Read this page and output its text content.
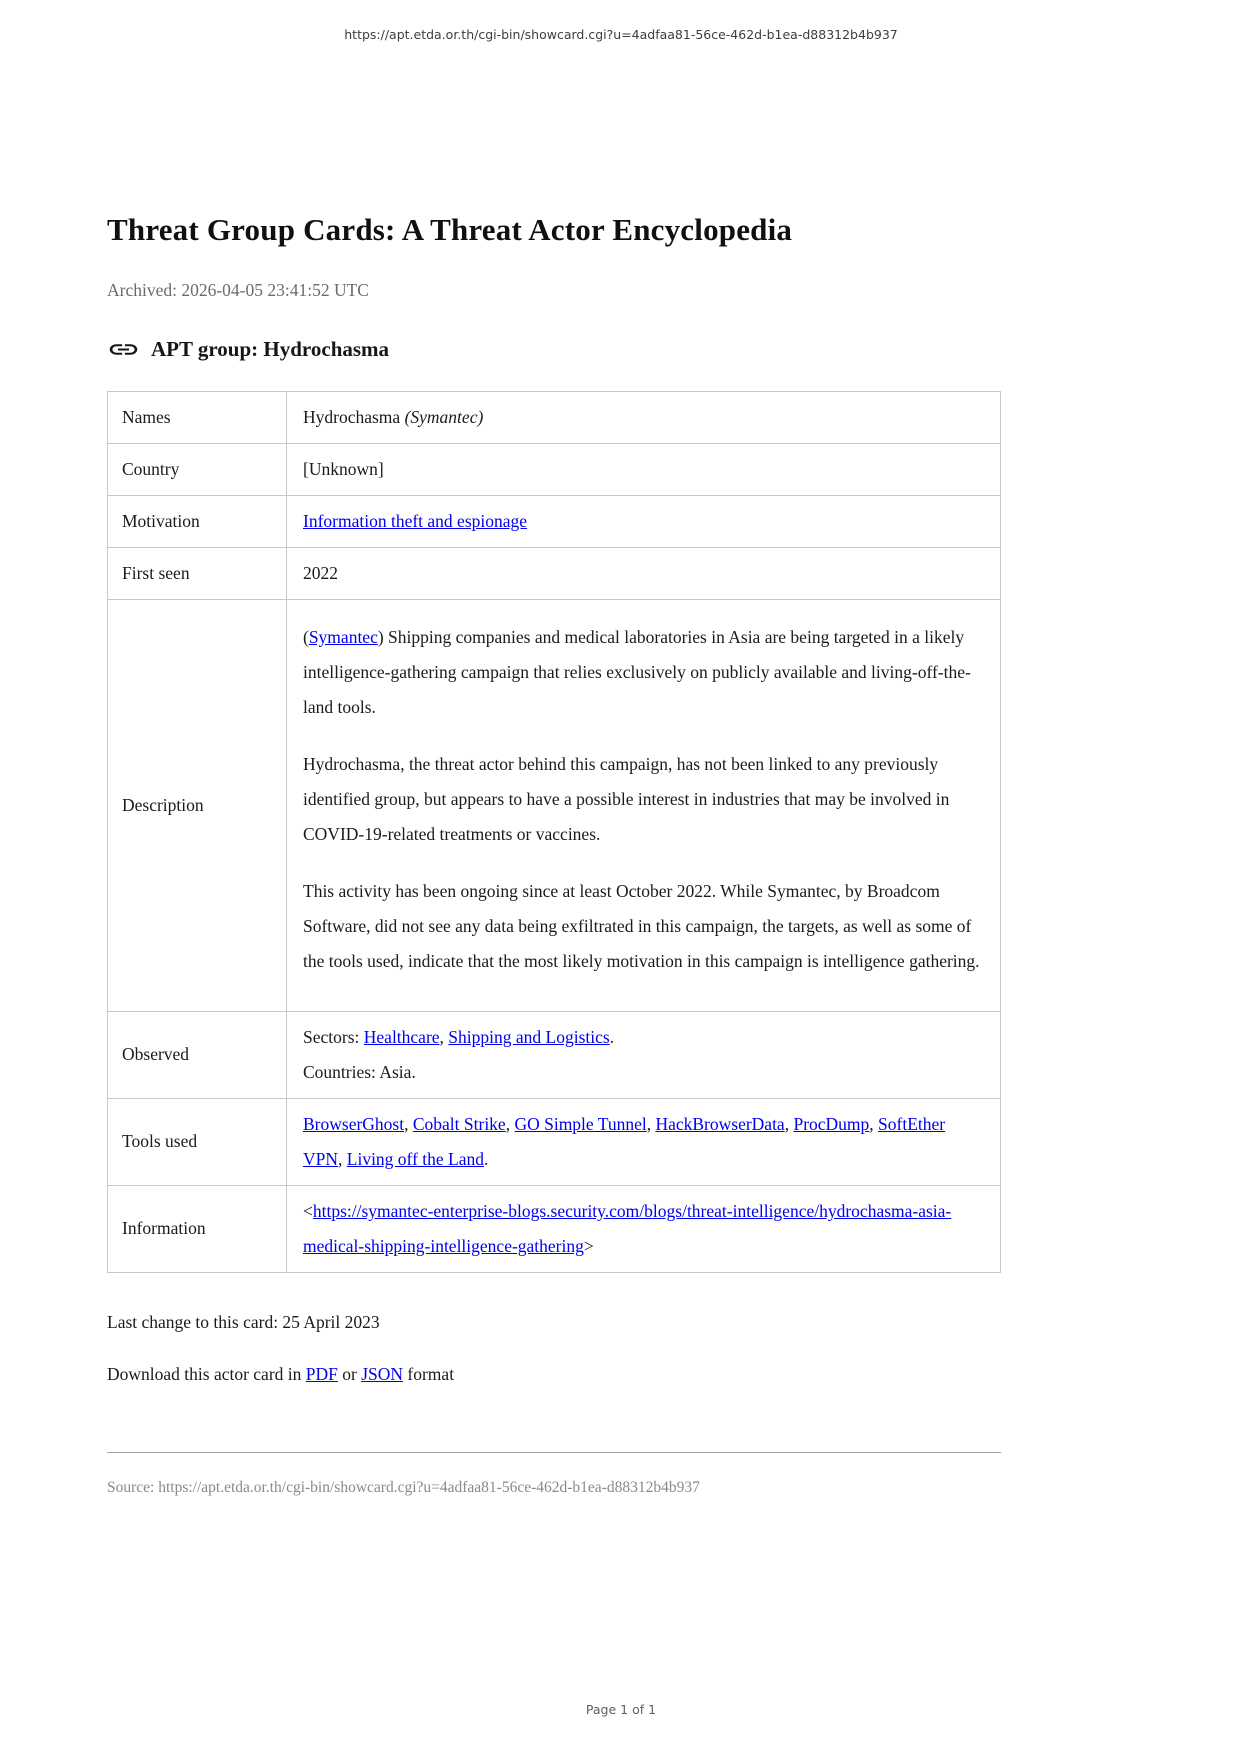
https://apt.etda.or.th/cgi-bin/showcard.cgi?u=4adfaa81-56ce-462d-b1ea-d88312b4b937
Threat Group Cards: A Threat Actor Encyclopedia
Archived: 2026-04-05 23:41:52 UTC
APT group: Hydrochasma
Names	Hydrochasma (Symantec)
Country	[Unknown]
Motivation	Information theft and espionage
First seen	2022
Description	(Symantec) Shipping companies and medical laboratories in Asia are being targeted in a likely intelligence-gathering campaign that relies exclusively on publicly available and living-off-the-land tools.

Hydrochasma, the threat actor behind this campaign, has not been linked to any previously identified group, but appears to have a possible interest in industries that may be involved in COVID-19-related treatments or vaccines.

This activity has been ongoing since at least October 2022. While Symantec, by Broadcom Software, did not see any data being exfiltrated in this campaign, the targets, as well as some of the tools used, indicate that the most likely motivation in this campaign is intelligence gathering.

Observed	Sectors: Healthcare, Shipping and Logistics.
Countries: Asia.

Tools used	BrowserGhost, Cobalt Strike, GO Simple Tunnel, HackBrowserData, ProcDump, SoftEther VPN, Living off the Land.
Information	<https://symantec-enterprise-blogs.security.com/blogs/threat-intelligence/hydrochasma-asia-medical-shipping-intelligence-gathering>
Last change to this card: 25 April 2023
Download this actor card in PDF or JSON format
Source: https://apt.etda.or.th/cgi-bin/showcard.cgi?u=4adfaa81-56ce-462d-b1ea-d88312b4b937
Page 1 of 1
